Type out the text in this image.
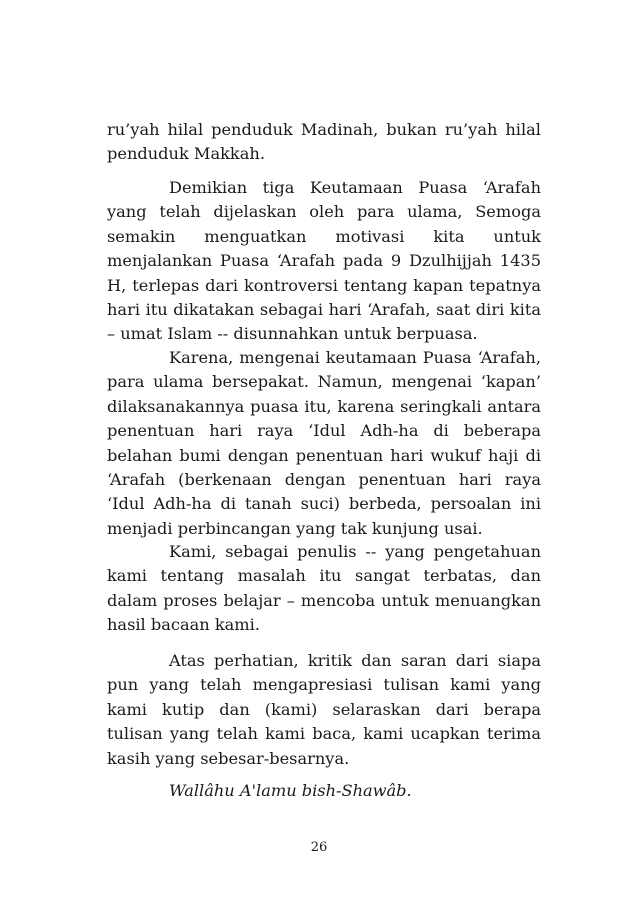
ru’yah hilal penduduk Madinah, bukan ru’yah hilal penduduk Makkah.

Demikian tiga Keutamaan Puasa ‘Arafah yang telah dijelaskan oleh para ulama, Semoga semakin menguatkan motivasi kita untuk menjalankan Puasa ‘Arafah pada 9 Dzulhijjah 1435 H, terlepas dari kontroversi tentang kapan tepatnya hari itu dikatakan sebagai hari ‘Arafah, saat diri kita – umat Islam -- disunnahkan untuk berpuasa.

Karena, mengenai keutamaan Puasa ‘Arafah, para ulama bersepakat. Namun, mengenai ‘kapan’ dilaksanakannya puasa itu, karena seringkali antara penentuan hari raya ‘Idul Adh-ha di beberapa belahan bumi dengan penentuan hari wukuf haji di ‘Arafah (berkenaan dengan penentuan hari raya ‘Idul Adh-ha di tanah suci) berbeda, persoalan ini menjadi perbincangan yang tak kunjung usai.

Kami, sebagai penulis -- yang pengetahuan kami tentang masalah itu sangat terbatas, dan dalam proses belajar – mencoba untuk menuangkan hasil bacaan kami.

Atas perhatian, kritik dan saran dari siapa pun yang telah mengapresiasi tulisan kami yang kami kutip dan (kami) selaraskan dari berapa tulisan yang telah kami baca, kami ucapkan terima kasih yang sebesar-besarnya.

Wallâhu A'lamu bish-Shawâb.

26
